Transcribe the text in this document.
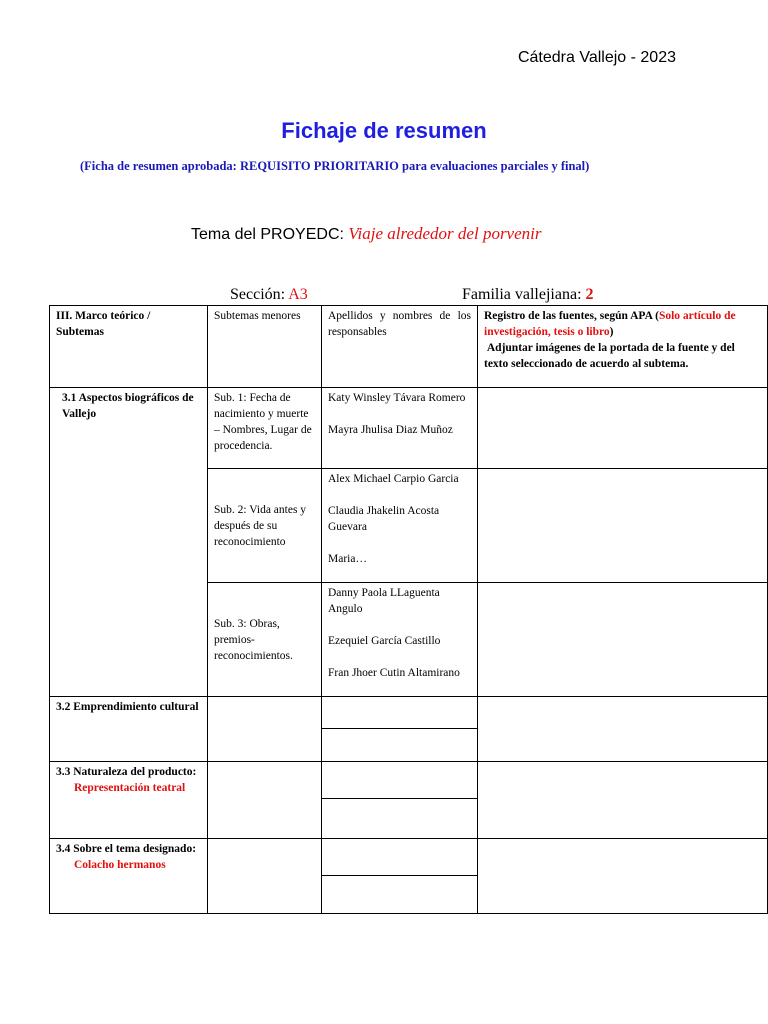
Cátedra Vallejo - 2023
Fichaje de resumen
(Ficha de resumen aprobada: REQUISITO PRIORITARIO para evaluaciones parciales y final)
Tema del PROYEDC: Viaje alrededor del porvenir
Sección: A3	Familia vallejiana: 2
III. Marco teórico / Subtemas	Subtemas menores	Apellidos y nombres de los responsables	Registro de las fuentes, según APA (Solo artículo de investigación, tesis o libro)
Adjuntar imágenes de la portada de la fuente y del texto seleccionado de acuerdo al subtema.
3.1 Aspectos biográficos de Vallejo	Sub. 1: Fecha de nacimiento y muerte – Nombres, Lugar de procedencia.	Katy Winsley Távara Romero
Mayra Jhulisa Diaz Muñoz	

	Sub. 2: Vida antes y después de su reconocimiento	Alex Michael Carpio Garcia
Claudia Jhakelin Acosta Guevara
Maria…	

	Sub. 3: Obras, premios-reconocimientos.	Danny Paola LLaguenta Angulo
Ezequiel García Castillo
Fran Jhoer Cutin Altamirano	

3.2 Emprendimiento cultural			

3.3 Naturaleza del producto:
Representación teatral			

3.4 Sobre el tema designado:
Colacho hermanos			
